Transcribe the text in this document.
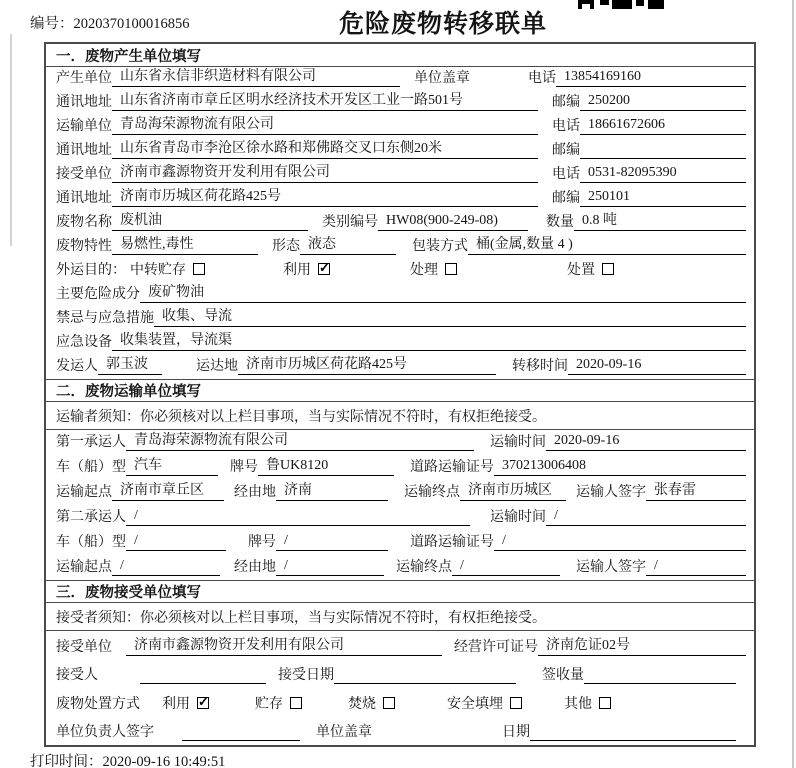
编号：2020370100016856	危险废物转移联单
一．废物产生单位填写
产生单位 山东省永信非织造材料有限公司	单位盖章	电话 13854169160
通讯地址 山东省济南市章丘区明水经济技术开发区工业一路501号	邮编 250200
运输单位 青岛海荣源物流有限公司	电话 18661672606
通讯地址 山东省青岛市李沧区徐水路和郑佛路交叉口东侧20米	邮编
接受单位 济南市鑫源物资开发利用有限公司	电话 0531-82095390
通讯地址 济南市历城区荷花路425号	邮编 250101
废物名称 废机油	类别编号 HW08(900-249-08)	数量 0.8 吨
废物特性 易燃性,毒性	形态 液态	包装方式 桶(金属,数量 4 )
外运目的： 中转贮存	利用 ✓	处理	处置
主要危险成分 废矿物油
禁忌与应急措施 收集、导流
应急设备 收集装置，导流渠
发运人 郭玉波	运达地 济南市历城区荷花路425号	转移时间 2020-09-16
二．废物运输单位填写
运输者须知：你必须核对以上栏目事项，当与实际情况不符时，有权拒绝接受。
第一承运人 青岛海荣源物流有限公司	运输时间 2020-09-16
车（船）型 汽车	牌号 鲁UK8120	道路运输证号 370213006408
运输起点 济南市章丘区	经由地 济南	运输终点 济南市历城区	运输人签字 张春雷
第二承运人 /	运输时间 /
车（船）型 /	牌号 /	道路运输证号 /
运输起点 /	经由地 /	运输终点 /	运输人签字 /
三．废物接受单位填写
接受者须知：你必须核对以上栏目事项，当与实际情况不符时，有权拒绝接受。
接受单位	济南市鑫源物资开发利用有限公司	经营许可证号 济南危证02号
接受人	接受日期	签收量
废物处置方式 利用 ✓	贮存	焚烧	安全填埋	其他
单位负责人签字	单位盖章	日期
打印时间：2020-09-16 10:49:51
